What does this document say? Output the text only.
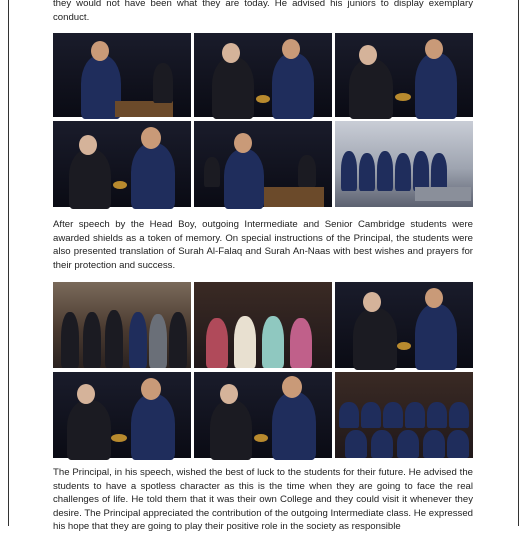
they would not have been what they are today. He advised his juniors to display exemplary conduct.

After speech by the Head Boy, outgoing Intermediate and Senior Cambridge students were awarded shields as a token of memory. On special instructions of the Principal, the students were also presented translation of Surah Al-Falaq and Surah An-Naas with best wishes and prayers for their protection and success.

The Principal, in his speech, wished the best of luck to the students for their future. He advised the students to have a spotless character as this is the time when they are going to face the real challenges of life. He told them that it was their own College and they could visit it whenever they desire. The Principal appreciated the contribution of the outgoing Intermediate class. He expressed his hope that they are going to play their positive role in the society as responsible
